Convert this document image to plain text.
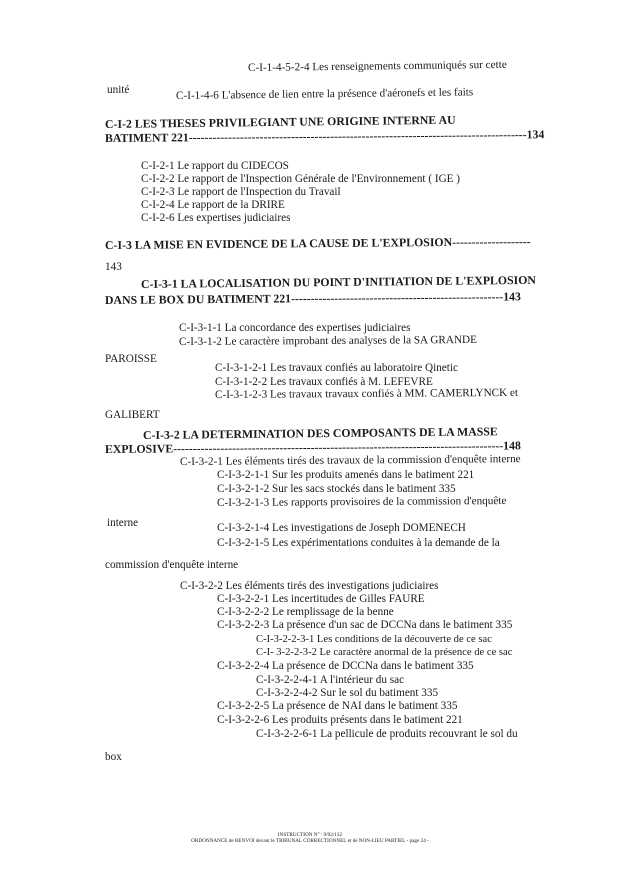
C-I-1-4-5-2-4 Les renseignements communiqués sur cette
unité	C-I-1-4-6 L'absence de lien entre la présence d'aéronefs et les faits
C-I-2 LES THESES PRIVILEGIANT UNE ORIGINE INTERNE AU
BATIMENT 221--------------------------------------------------------------------------------------134
C-I-2-1 Le rapport du CIDECOS
C-I-2-2 Le rapport de l'Inspection Générale de l'Environnement ( IGE )
C-I-2-3 Le rapport de l'Inspection du Travail
C-I-2-4 Le rapport de la DRIRE
C-I-2-6 Les expertises judiciaires
C-I-3 LA MISE EN EVIDENCE DE LA CAUSE DE L'EXPLOSION--------------------
143
C-I-3-1 LA LOCALISATION DU POINT D'INITIATION DE L'EXPLOSION
DANS LE BOX DU BATIMENT 221------------------------------------------------------143
C-I-3-1-1 La concordance des expertises judiciaires
C-I-3-1-2 Le caractère improbant des analyses de la SA GRANDE
PAROISSE
C-I-3-1-2-1 Les travaux confiés au laboratoire Qinetic
C-I-3-1-2-2 Les travaux confiés à M. LEFEVRE
C-I-3-1-2-3 Les travaux travaux confiés à MM. CAMERLYNCK et
GALIBERT
C-I-3-2 LA DETERMINATION DES COMPOSANTS DE LA MASSE
EXPLOSIVE------------------------------------------------------------------------------------148
C-I-3-2-1 Les éléments tirés des travaux de la commission d'enquête interne
C-I-3-2-1-1 Sur les produits amenés dans le batiment 221
C-I-3-2-1-2 Sur les sacs stockés dans le batiment 335
C-I-3-2-1-3 Les rapports provisoires de la commission d'enquête
interne	C-I-3-2-1-4 Les investigations de Joseph DOMENECH
C-I-3-2-1-5 Les expérimentations conduites à la demande de la
commission d'enquête interne
C-I-3-2-2 Les éléments tirés des investigations judiciaires
C-I-3-2-2-1 Les incertitudes de Gilles FAURE
C-I-3-2-2-2 Le remplissage de la benne
C-I-3-2-2-3 La présence d'un sac de DCCNa dans le batiment 335
C-I-3-2-2-3-1 Les conditions de la découverte de ce sac
C-I- 3-2-2-3-2 Le caractère anormal de la présence de ce sac
C-I-3-2-2-4 La présence de DCCNa dans le batiment 335
C-I-3-2-2-4-1 A l'intérieur du sac
C-I-3-2-2-4-2 Sur le sol du batiment 335
C-I-3-2-2-5 La présence de NAI dans le batiment 335
C-I-3-2-2-6 Les produits présents dans le batiment 221
C-I-3-2-2-6-1 La pellicule de produits recouvrant le sol du
box
INSTRUCTION N° : 9/02/132
ORDONNANCE de RENVOI devant le TRIBUNAL CORRECTIONNEL et de NON-LIEU PARTIEL - page 24 -
